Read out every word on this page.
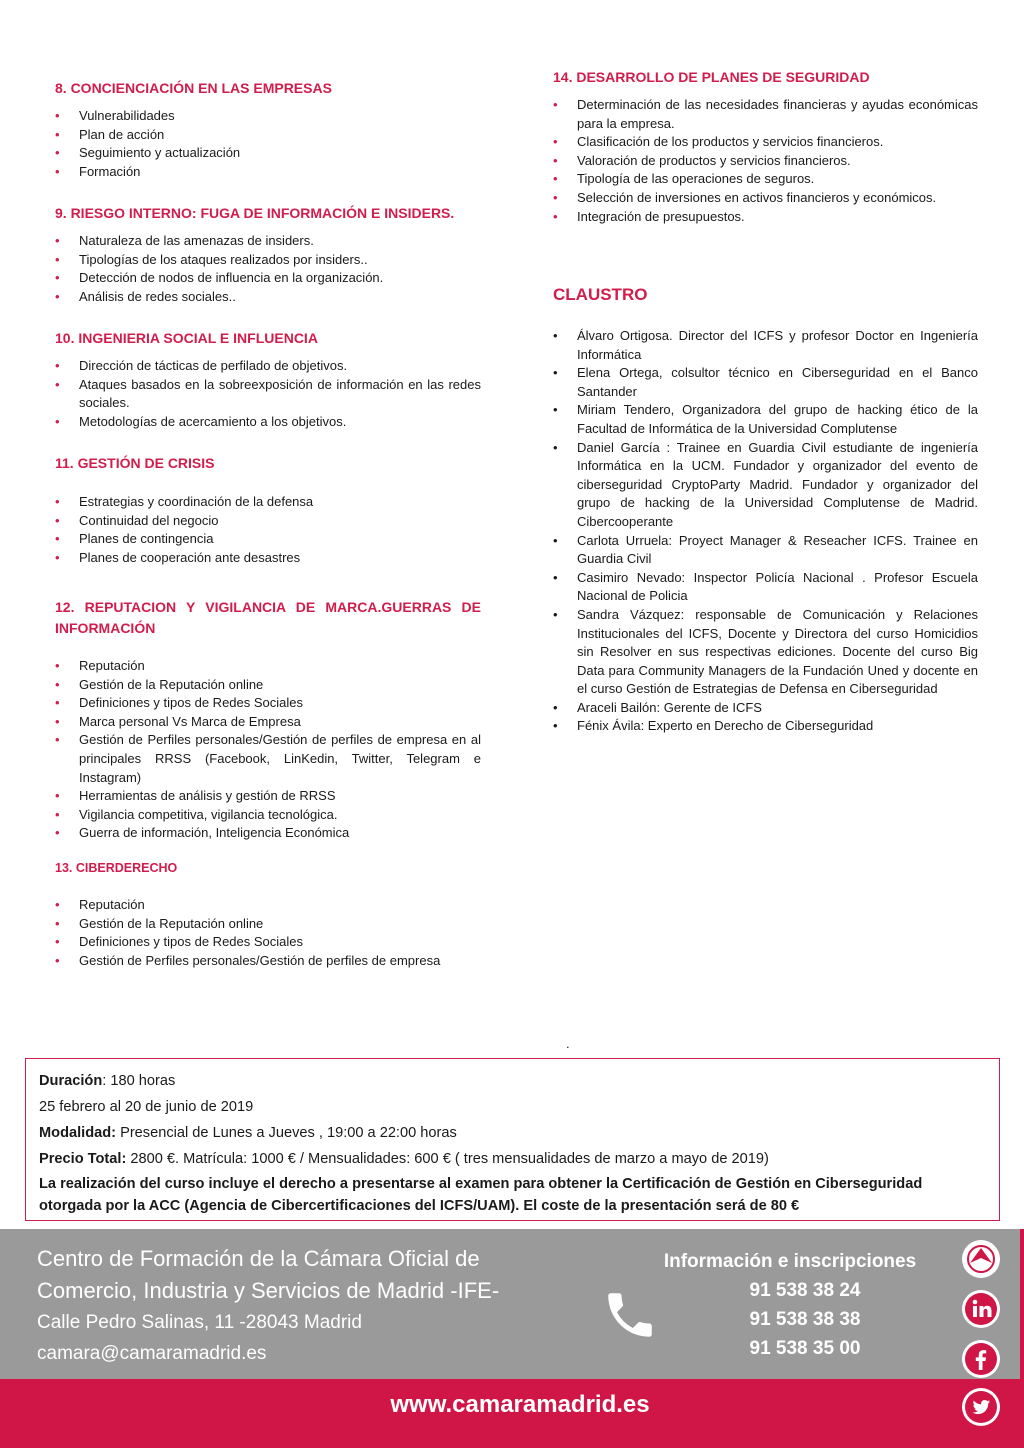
8. CONCIENCIACIÓN EN LAS EMPRESAS
• Vulnerabilidades
• Plan de acción
• Seguimiento y actualización
• Formación
9. RIESGO INTERNO: FUGA DE INFORMACIÓN E INSIDERS.
• Naturaleza de las amenazas de insiders.
• Tipologías de los ataques realizados por insiders..
• Detección de nodos de influencia en la organización.
• Análisis de redes sociales..
10. INGENIERIA SOCIAL E INFLUENCIA
• Dirección de tácticas de perfilado de objetivos.
• Ataques basados en la sobreexposición de información en las redes sociales.
• Metodologías de acercamiento a los objetivos.
11. GESTIÓN DE CRISIS
• Estrategias y coordinación de la defensa
• Continuidad del negocio
• Planes de contingencia
• Planes de cooperación ante desastres
12. REPUTACION Y VIGILANCIA DE MARCA.GUERRAS DE INFORMACIÓN
• Reputación
• Gestión de la Reputación online
• Definiciones y tipos de Redes Sociales
• Marca personal Vs Marca de Empresa
• Gestión de Perfiles personales/Gestión de perfiles de empresa en al principales RRSS (Facebook, LinKedin, Twitter, Telegram e Instagram)
• Herramientas de análisis y gestión de RRSS
• Vigilancia competitiva, vigilancia tecnológica.
• Guerra de información, Inteligencia Económica
13. CIBERDERECHO
• Reputación
• Gestión de la Reputación online
• Definiciones y tipos de Redes Sociales
• Gestión de Perfiles personales/Gestión de perfiles de empresa
14. DESARROLLO DE PLANES DE SEGURIDAD
• Determinación de las necesidades financieras y ayudas económicas para la empresa.
• Clasificación de los productos y servicios financieros.
• Valoración de productos y servicios financieros.
• Tipología de las operaciones de seguros.
• Selección de inversiones en activos financieros y económicos.
• Integración de presupuestos.
CLAUSTRO
• Álvaro Ortigosa. Director del ICFS y profesor Doctor en Ingeniería Informática
• Elena Ortega, colsultor técnico en Ciberseguridad en el Banco Santander
• Miriam Tendero, Organizadora del grupo de hacking ético de la Facultad de Informática de la Universidad Complutense
• Daniel García : Trainee en Guardia Civil estudiante de ingeniería Informática en la UCM. Fundador y organizador del evento de ciberseguridad CryptoParty Madrid. Fundador y organizador del grupo de hacking de la Universidad Complutense de Madrid. Cibercooperante
• Carlota Urruela: Proyect Manager & Reseacher ICFS. Trainee en Guardia Civil
• Casimiro Nevado: Inspector Policía Nacional . Profesor Escuela Nacional de Policia
• Sandra Vázquez: responsable de Comunicación y Relaciones Institucionales del ICFS, Docente y Directora del curso Homicidios sin Resolver en sus respectivas ediciones. Docente del curso Big Data para Community Managers de la Fundación Uned y docente en el curso Gestión de Estrategias de Defensa en Ciberseguridad
• Araceli Bailón: Gerente de ICFS
• Fénix Ávila: Experto en Derecho de Ciberseguridad
.
Duración: 180 horas
25 febrero al 20 de junio de 2019
Modalidad: Presencial de Lunes a Jueves , 19:00 a 22:00 horas
Precio Total: 2800 €. Matrícula: 1000 € / Mensualidades: 600 € ( tres mensualidades de marzo a mayo de 2019)
La realización del curso incluye el derecho a presentarse al examen para obtener la Certificación de Gestión en Ciberseguridad otorgada por la ACC (Agencia de Cibercertificaciones del ICFS/UAM). El coste de la presentación será de 80 €
Centro de Formación de la Cámara Oficial de
Comercio, Industria y Servicios de Madrid -IFE-
Calle Pedro Salinas, 11 -28043 Madrid
camara@camaramadrid.es
Información e inscripciones
91 538 38 24
91 538 38 38
91 538 35 00
www.camaramadrid.es
